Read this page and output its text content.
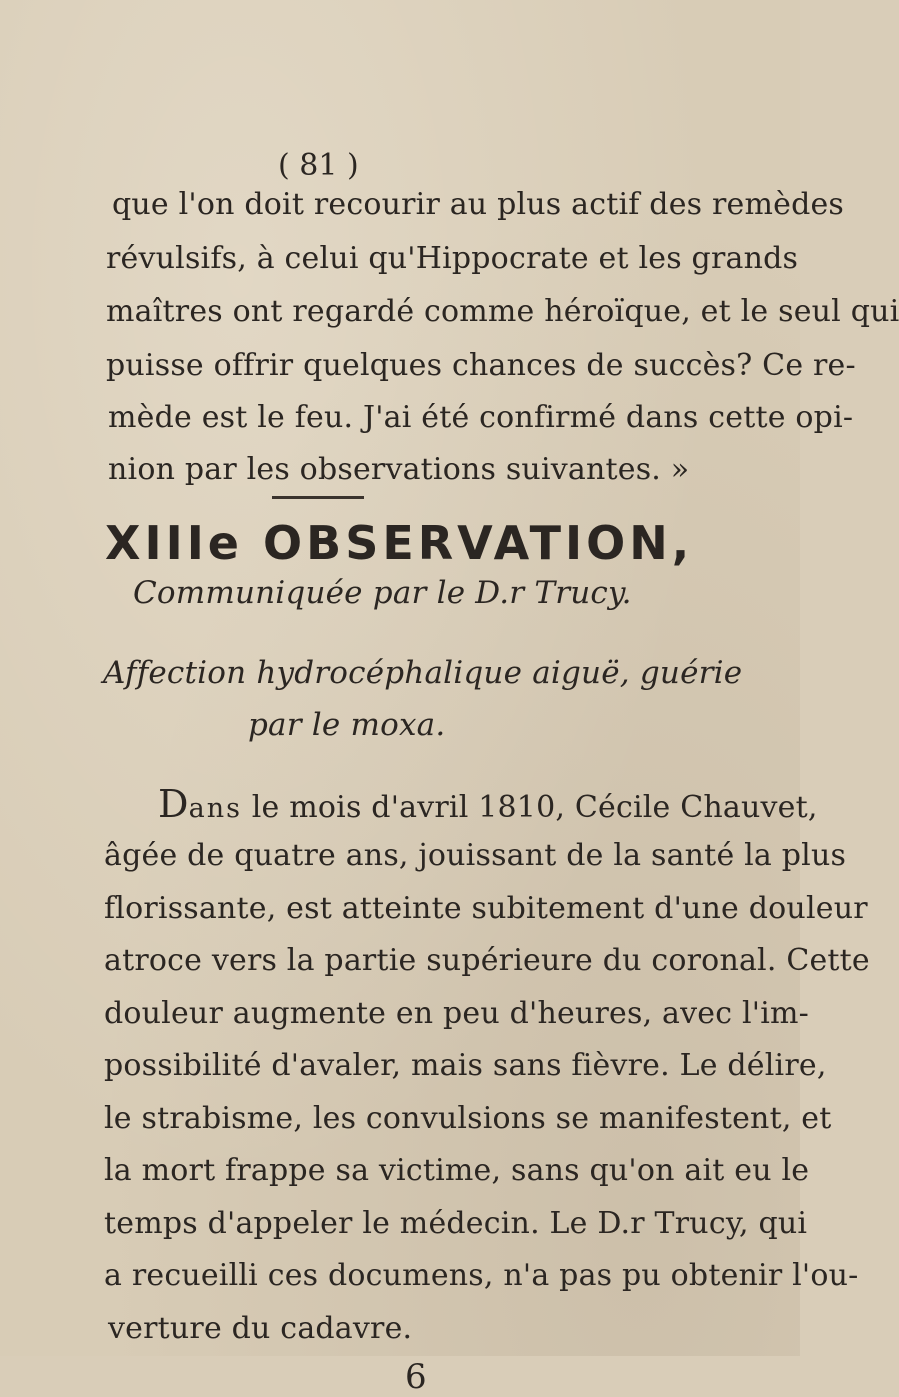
( 81 )
que l'on doit recourir au plus actif des remèdes
révulsifs, à celui qu'Hippocrate et les grands
maîtres ont regardé comme héroïque, et le seul qui
puisse offrir quelques chances de succès? Ce re-
mède est le feu. J'ai été confirmé dans cette opi-
nion par les observations suivantes. »
XIIIe OBSERVATION,
Communiquée par le D.r Trucy.
Affection hydrocéphalique aiguë, guérie
par le moxa.
Dans le mois d'avril 1810, Cécile Chauvet,
âgée de quatre ans, jouissant de la santé la plus
florissante, est atteinte subitement d'une douleur
atroce vers la partie supérieure du coronal. Cette
douleur augmente en peu d'heures, avec l'im-
possibilité d'avaler, mais sans fièvre. Le délire,
le strabisme, les convulsions se manifestent, et
la mort frappe sa victime, sans qu'on ait eu le
temps d'appeler le médecin. Le D.r Trucy, qui
a recueilli ces documens, n'a pas pu obtenir l'ou-
verture du cadavre.
6
